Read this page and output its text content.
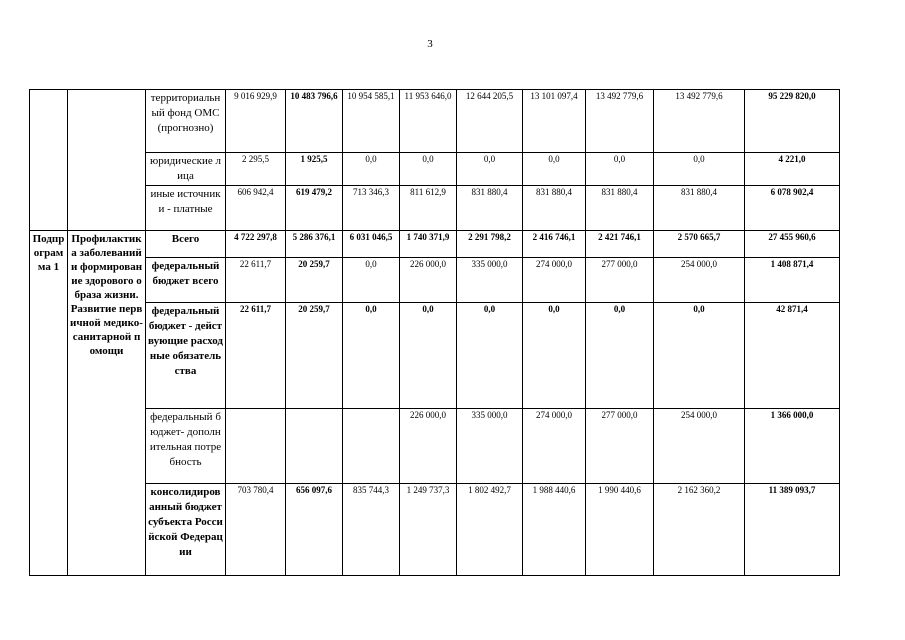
3
		территориальный фонд ОМС (прогнозно)	9 016 929,9	10 483 796,6	10 954 585,1	11 953 646,0	12 644 205,5	13 101 097,4	13 492 779,6	13 492 779,6	95 229 820,0
		юридические лица	2 295,5	1 925,5	0,0	0,0	0,0	0,0	0,0	0,0	4 221,0
		иные источники - платные	606 942,4	619 479,2	713 346,3	811 612,9	831 880,4	831 880,4	831 880,4	831 880,4	6 078 902,4
Подпрограмма 1	Профилактика заболеваний и формирование здорового образа жизни. Развитие первичной медико-санитарной помощи	Всего	4 722 297,8	5 286 376,1	6 031 046,5	1 740 371,9	2 291 798,2	2 416 746,1	2 421 746,1	2 570 665,7	27 455 960,6
		федеральный бюджет всего	22 611,7	20 259,7	0,0	226 000,0	335 000,0	274 000,0	277 000,0	254 000,0	1 408 871,4
		федеральный бюджет - действующие расходные обязательства	22 611,7	20 259,7	0,0	0,0	0,0	0,0	0,0	0,0	42 871,4
		федеральный бюджет- дополнительная потребность				226 000,0	335 000,0	274 000,0	277 000,0	254 000,0	1 366 000,0
		консолидированный бюджет субъекта Российской Федерации	703 780,4	656 097,6	835 744,3	1 249 737,3	1 802 492,7	1 988 440,6	1 990 440,6	2 162 360,2	11 389 093,7
